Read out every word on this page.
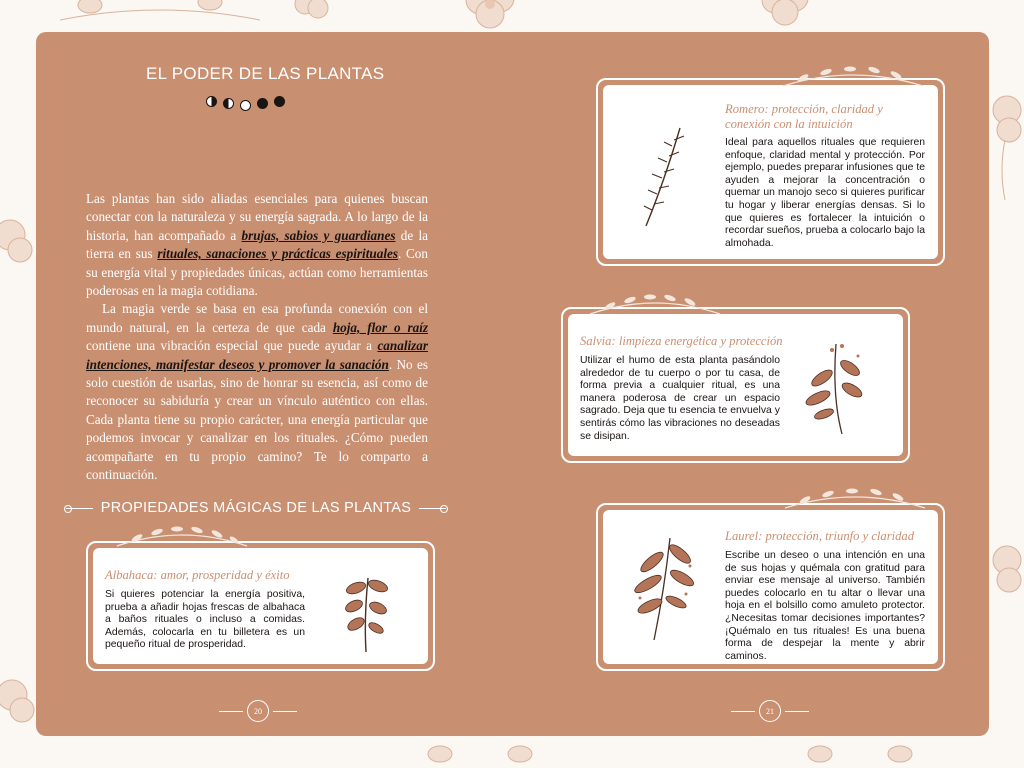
EL PODER DE LAS PLANTAS

Las plantas han sido aliadas esenciales para quienes buscan conectar con la naturaleza y su energía sagrada. A lo largo de la historia, han acompañado a brujas, sabios y guardianes de la tierra en sus rituales, sanaciones y prácticas espirituales. Con su energía vital y propiedades únicas, actúan como herramientas poderosas en la magia cotidiana.

La magia verde se basa en esa profunda conexión con el mundo natural, en la certeza de que cada hoja, flor o raíz contiene una vibración especial que puede ayudar a canalizar intenciones, manifestar deseos y promover la sanación. No es solo cuestión de usarlas, sino de honrar su esencia, así como de reconocer su sabiduría y crear un vínculo auténtico con ellas. Cada planta tiene su propio carácter, una energía particular que podemos invocar y canalizar en los rituales. ¿Cómo pueden acompañarte en tu propio camino? Te lo comparto a continuación.

PROPIEDADES MÁGICAS DE LAS PLANTAS
Albahaca: amor, prosperidad y éxito
Si quieres potenciar la energía positiva, prueba a añadir hojas frescas de albahaca a baños rituales o incluso a comidas. Además, colocarla en tu billetera es un pequeño ritual de prosperidad.
20
Romero: protección, claridad y conexión con la intuición
Ideal para aquellos rituales que requieren enfoque, claridad mental y protección. Por ejemplo, puedes preparar infusiones que te ayuden a mejorar la concentración o quemar un manojo seco si quieres purificar tu hogar y liberar energías densas. Si lo que quieres es fortalecer la intuición o recordar sueños, prueba a colocarlo bajo la almohada.
Salvia: limpieza energética y protección
Utilizar el humo de esta planta pasándolo alrededor de tu cuerpo o por tu casa, de forma previa a cualquier ritual, es una manera poderosa de crear un espacio sagrado. Deja que tu esencia te envuelva y sentirás cómo las vibraciones no deseadas se disipan.
Laurel: protección, triunfo y claridad
Escribe un deseo o una intención en una de sus hojas y quémala con gratitud para enviar ese mensaje al universo. También puedes colocarlo en tu altar o llevar una hoja en el bolsillo como amuleto protector. ¿Necesitas tomar decisiones importantes? ¡Quémalo en tus rituales! Es una buena forma de despejar la mente y abrir caminos.
21
